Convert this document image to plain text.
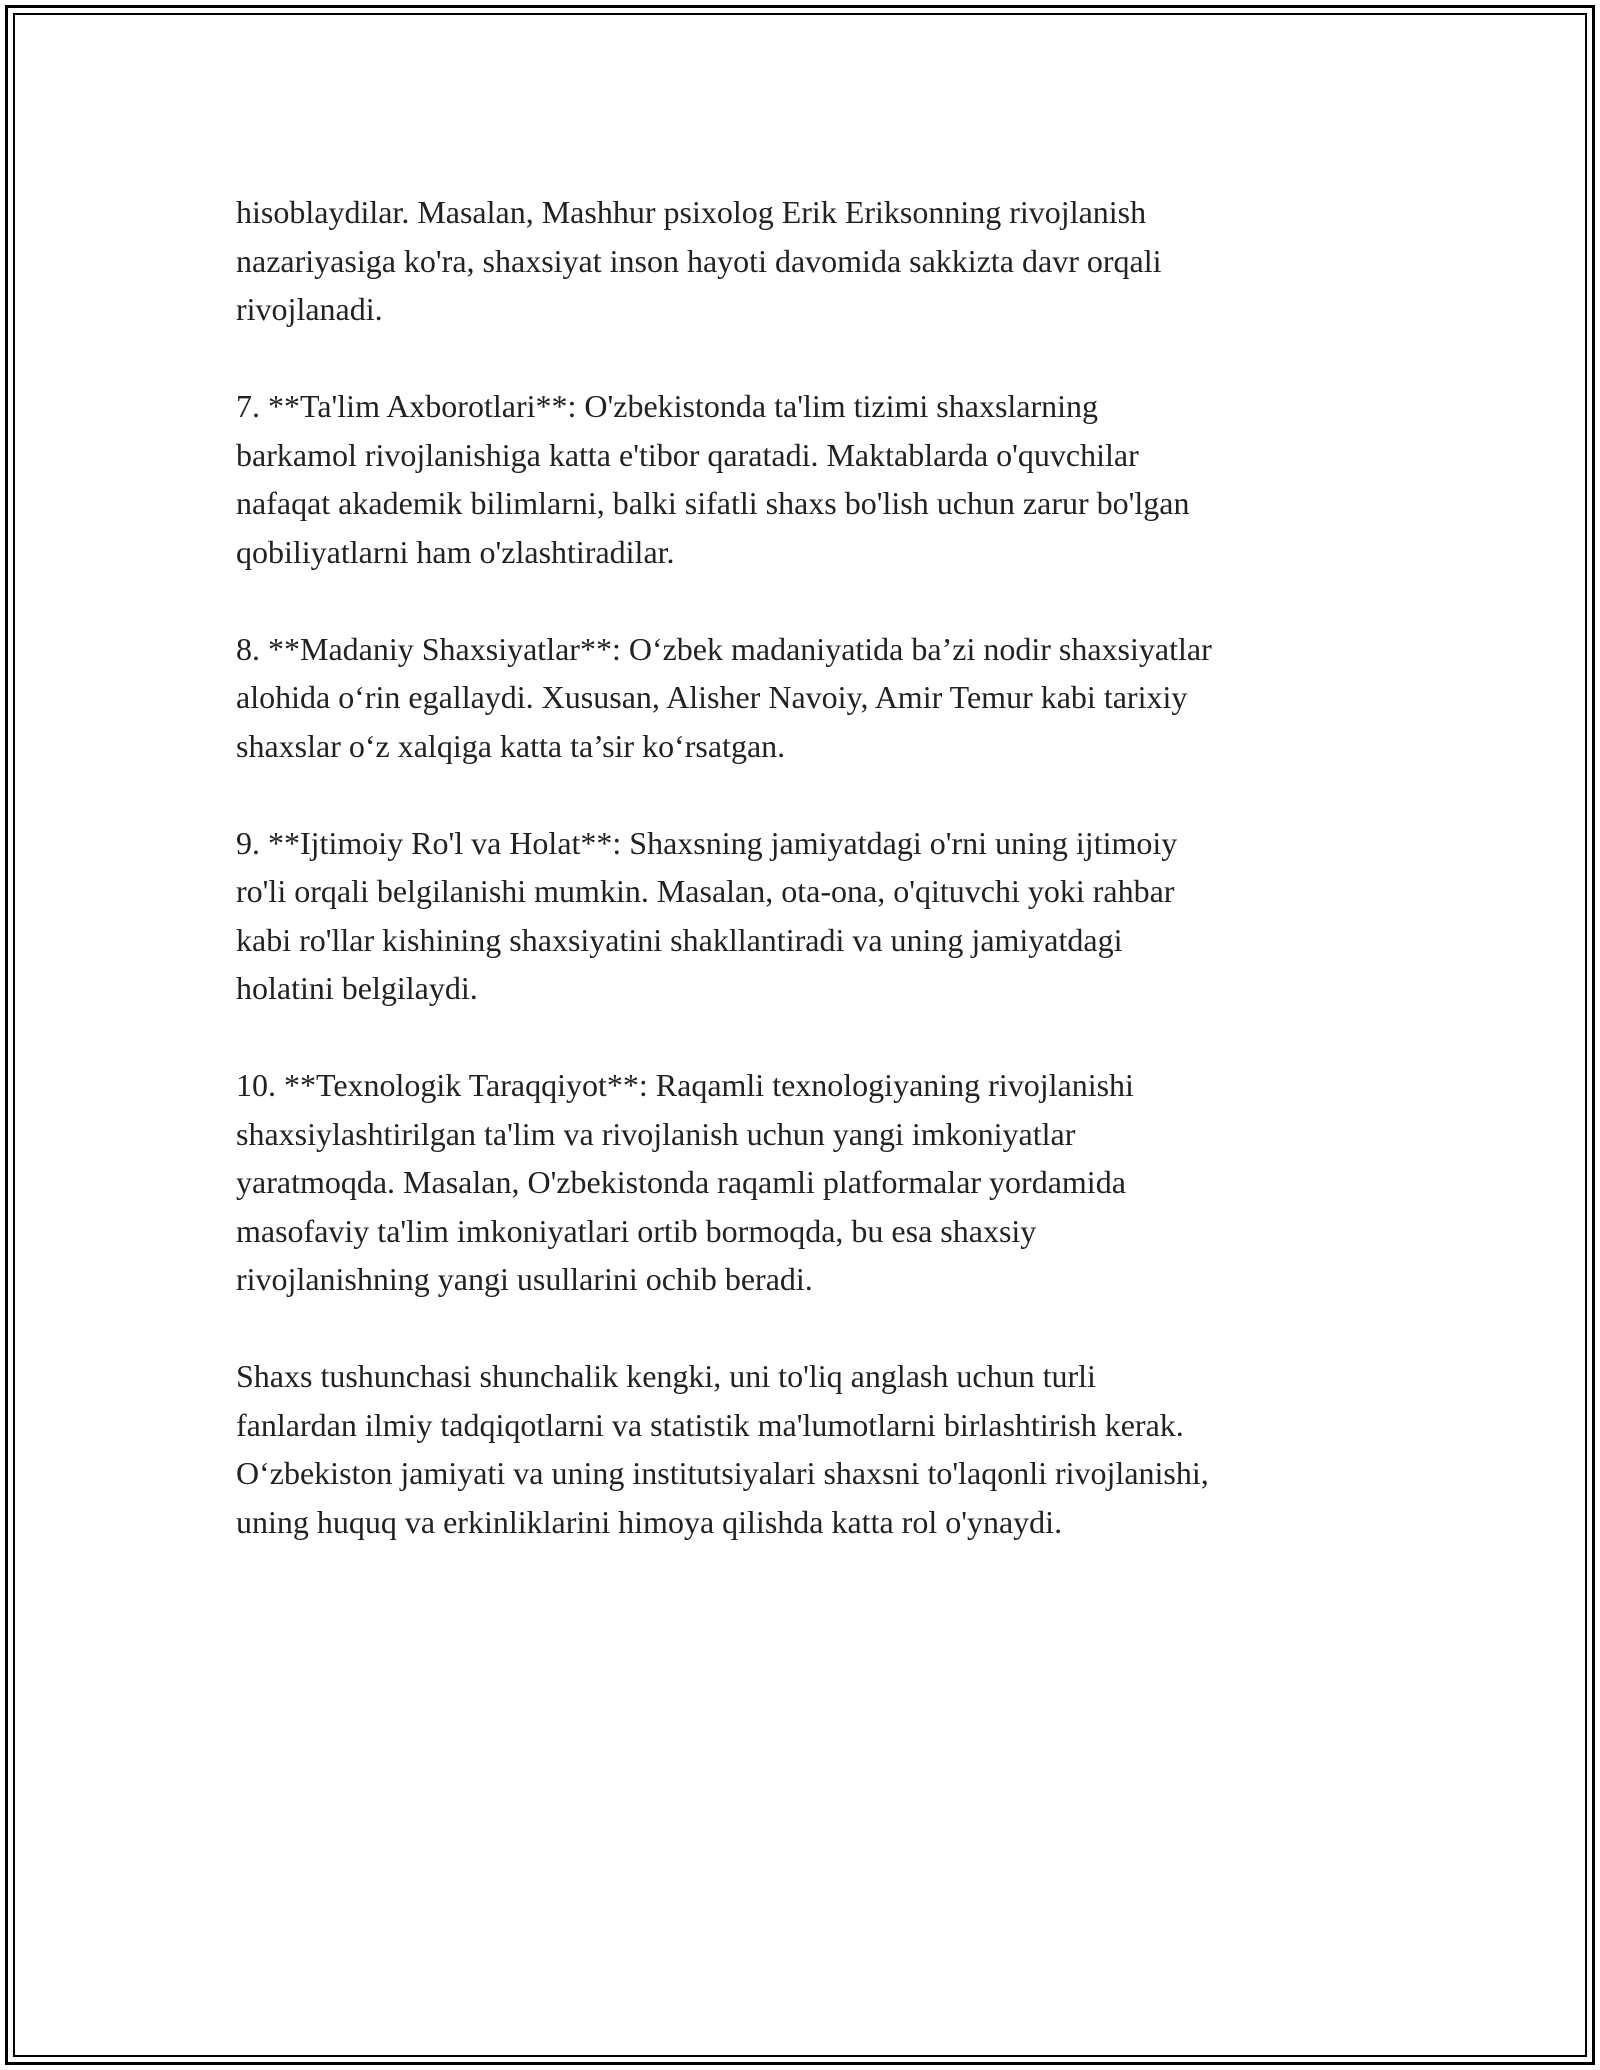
hisoblaydilar. Masalan, Mashhur psixolog Erik Eriksonning rivojlanish
nazariyasiga ko'ra, shaxsiyat inson hayoti davomida sakkizta davr orqali
rivojlanadi.

7. **Ta'lim Axborotlari**: O'zbekistonda ta'lim tizimi shaxslarning
barkamol rivojlanishiga katta e'tibor qaratadi. Maktablarda o'quvchilar
nafaqat akademik bilimlarni, balki sifatli shaxs bo'lish uchun zarur bo'lgan
qobiliyatlarni ham o'zlashtiradilar.

8. **Madaniy Shaxsiyatlar**: O‘zbek madaniyatida ba’zi nodir shaxsiyatlar
alohida o‘rin egallaydi. Xususan, Alisher Navoiy, Amir Temur kabi tarixiy
shaxslar o‘z xalqiga katta ta’sir ko‘rsatgan.

9. **Ijtimoiy Ro'l va Holat**: Shaxsning jamiyatdagi o'rni uning ijtimoiy
ro'li orqali belgilanishi mumkin. Masalan, ota-ona, o'qituvchi yoki rahbar
kabi ro'llar kishining shaxsiyatini shakllantiradi va uning jamiyatdagi
holatini belgilaydi.

10. **Texnologik Taraqqiyot**: Raqamli texnologiyaning rivojlanishi
shaxsiylashtirilgan ta'lim va rivojlanish uchun yangi imkoniyatlar
yaratmoqda. Masalan, O'zbekistonda raqamli platformalar yordamida
masofaviy ta'lim imkoniyatlari ortib bormoqda, bu esa shaxsiy
rivojlanishning yangi usullarini ochib beradi.

Shaxs tushunchasi shunchalik kengki, uni to'liq anglash uchun turli
fanlardan ilmiy tadqiqotlarni va statistik ma'lumotlarni birlashtirish kerak.
O‘zbekiston jamiyati va uning institutsiyalari shaxsni to'laqonli rivojlanishi,
uning huquq va erkinliklarini himoya qilishda katta rol o'ynaydi.
